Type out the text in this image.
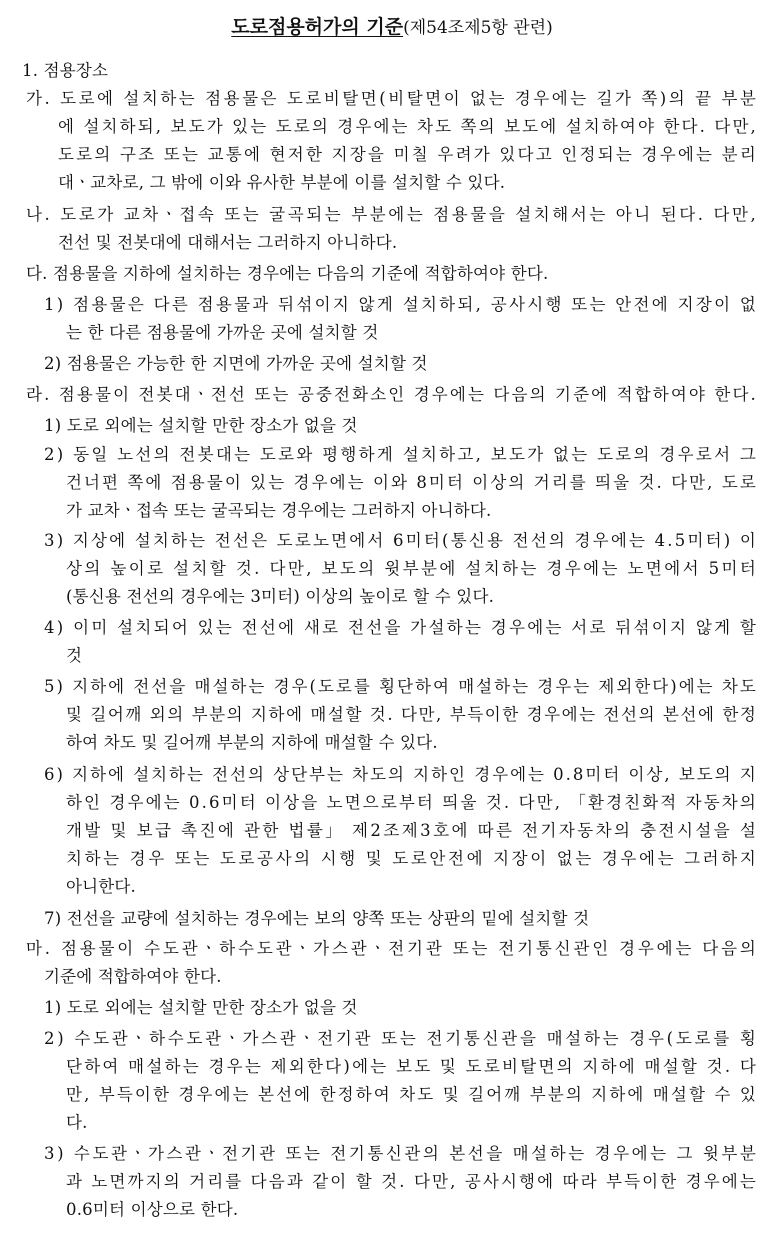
도로점용허가의 기준(제54조제5항 관련)
1. 점용장소
가. 도로에 설치하는 점용물은 도로비탈면(비탈면이 없는 경우에는 길가 쪽)의 끝 부분
에 설치하되, 보도가 있는 도로의 경우에는 차도 쪽의 보도에 설치하여야 한다. 다만,
도로의 구조 또는 교통에 현저한 지장을 미칠 우려가 있다고 인정되는 경우에는 분리
대ㆍ교차로, 그 밖에 이와 유사한 부분에 이를 설치할 수 있다.
나. 도로가 교차ㆍ접속 또는 굴곡되는 부분에는 점용물을 설치해서는 아니 된다. 다만,
전선 및 전봇대에 대해서는 그러하지 아니하다.
다. 점용물을 지하에 설치하는 경우에는 다음의 기준에 적합하여야 한다.
1) 점용물은 다른 점용물과 뒤섞이지 않게 설치하되, 공사시행 또는 안전에 지장이 없
는 한 다른 점용물에 가까운 곳에 설치할 것
2) 점용물은 가능한 한 지면에 가까운 곳에 설치할 것
라. 점용물이 전봇대ㆍ전선 또는 공중전화소인 경우에는 다음의 기준에 적합하여야 한다.
1) 도로 외에는 설치할 만한 장소가 없을 것
2) 동일 노선의 전봇대는 도로와 평행하게 설치하고, 보도가 없는 도로의 경우로서 그
건너편 쪽에 점용물이 있는 경우에는 이와 8미터 이상의 거리를 띄울 것. 다만, 도로
가 교차ㆍ접속 또는 굴곡되는 경우에는 그러하지 아니하다.
3) 지상에 설치하는 전선은 도로노면에서 6미터(통신용 전선의 경우에는 4.5미터) 이
상의 높이로 설치할 것. 다만, 보도의 윗부분에 설치하는 경우에는 노면에서 5미터
(통신용 전선의 경우에는 3미터) 이상의 높이로 할 수 있다.
4) 이미 설치되어 있는 전선에 새로 전선을 가설하는 경우에는 서로 뒤섞이지 않게 할
것
5) 지하에 전선을 매설하는 경우(도로를 횡단하여 매설하는 경우는 제외한다)에는 차도
및 길어깨 외의 부분의 지하에 매설할 것. 다만, 부득이한 경우에는 전선의 본선에 한정
하여 차도 및 길어깨 부분의 지하에 매설할 수 있다.
6) 지하에 설치하는 전선의 상단부는 차도의 지하인 경우에는 0.8미터 이상, 보도의 지
하인 경우에는 0.6미터 이상을 노면으로부터 띄울 것. 다만, 「환경친화적 자동차의
개발 및 보급 촉진에 관한 법률」 제2조제3호에 따른 전기자동차의 충전시설을 설
치하는 경우 또는 도로공사의 시행 및 도로안전에 지장이 없는 경우에는 그러하지
아니한다.
7) 전선을 교량에 설치하는 경우에는 보의 양쪽 또는 상판의 밑에 설치할 것
마. 점용물이 수도관ㆍ하수도관ㆍ가스관ㆍ전기관 또는 전기통신관인 경우에는 다음의
기준에 적합하여야 한다.
1) 도로 외에는 설치할 만한 장소가 없을 것
2) 수도관ㆍ하수도관ㆍ가스관ㆍ전기관 또는 전기통신관을 매설하는 경우(도로를 횡
단하여 매설하는 경우는 제외한다)에는 보도 및 도로비탈면의 지하에 매설할 것. 다
만, 부득이한 경우에는 본선에 한정하여 차도 및 길어깨 부분의 지하에 매설할 수 있
다.
3) 수도관ㆍ가스관ㆍ전기관 또는 전기통신관의 본선을 매설하는 경우에는 그 윗부분
과 노면까지의 거리를 다음과 같이 할 것. 다만, 공사시행에 따라 부득이한 경우에는
0.6미터 이상으로 한다.
